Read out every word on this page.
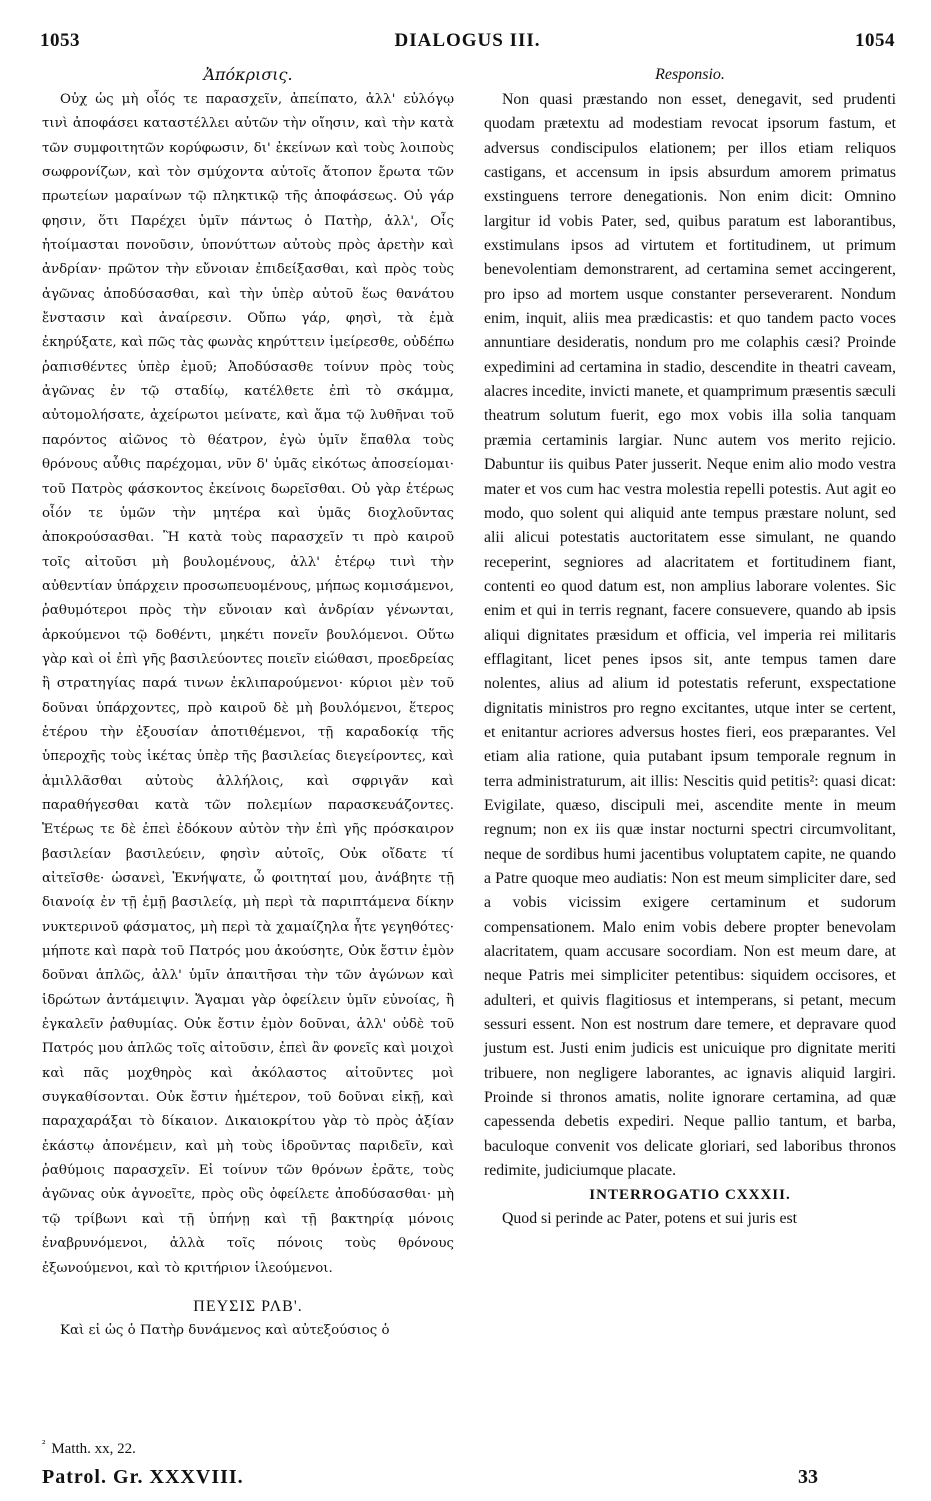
1053	DIALOGUS III.	1054
Ἀπόκρισις.

Οὐχ ὡς μὴ οἷός τε παρασχεῖν, ἀπείπατο, ἀλλ' εὐλόγῳ τινὶ ἀποφάσει καταστέλλει αὐτῶν τὴν οἴησιν, καὶ τὴν κατὰ τῶν συμφοιτητῶν κορύφωσιν, δι' ἐκείνων καὶ τοὺς λοιποὺς σωφρονίζων, καὶ τὸν σμύχοντα αὐτοῖς ἄτοπον ἔρωτα τῶν πρωτείων μαραίνων τῷ πληκτικῷ τῆς ἀποφάσεως. Οὐ γάρ φησιν, ὅτι Παρέχει ὑμῖν πάντως ὁ Πατὴρ, ἀλλ', Οἷς ἡτοίμασται πονοῦσιν, ὑπονύττων αὐτοὺς πρὸς ἀρετὴν καὶ ἀνδρίαν· πρῶτον τὴν εὔνοιαν ἐπιδείξασθαι, καὶ πρὸς τοὺς ἀγῶνας ἀποδύσασθαι, καὶ τὴν ὑπὲρ αὐτοῦ ἕως θανάτου ἔνστασιν καὶ ἀναίρεσιν. Οὔπω γάρ, φησὶ, τὰ ἐμὰ ἐκηρύξατε, καὶ πῶς τὰς φωνὰς κηρύττειν ἱμείρεσθε, οὐδέπω ῥαπισθέντες ὑπὲρ ἐμοῦ; Ἀποδύσασθε τοίνυν πρὸς τοὺς ἀγῶνας ἐν τῷ σταδίῳ, κατέλθετε ἐπὶ τὸ σκάμμα, αὐτομολήσατε, ἀχείρωτοι μείνατε, καὶ ἅμα τῷ λυθῆναι τοῦ παρόντος αἰῶνος τὸ θέατρον, ἐγὼ ὑμῖν ἔπαθλα τοὺς θρόνους αὖθις παρέχομαι, νῦν δ' ὑμᾶς εἰκότως ἀποσείομαι· τοῦ Πατρὸς φάσκοντος ἐκείνοις δωρεῖσθαι. Οὐ γὰρ ἑτέρως οἷόν τε ὑμῶν τὴν μητέρα καὶ ὑμᾶς διοχλοῦντας ἀποκρούσασθαι. Ἢ κατὰ τοὺς παρασχεῖν τι πρὸ καιροῦ τοῖς αἰτοῦσι μὴ βουλομένους, ἀλλ' ἑτέρῳ τινὶ τὴν αὐθεντίαν ὑπάρχειν προσωπευομένους, μήπως κομισάμενοι, ῥαθυμότεροι πρὸς τὴν εὔνοιαν καὶ ἀνδρίαν γένωνται, ἀρκούμενοι τῷ δοθέντι, μηκέτι πονεῖν βουλόμενοι. Οὕτω γὰρ καὶ οἱ ἐπὶ γῆς βασιλεύοντες ποιεῖν εἰώθασι, προεδρείας ἢ στρατηγίας παρά τινων ἐκλιπαρούμενοι· κύριοι μὲν τοῦ δοῦναι ὑπάρχοντες, πρὸ καιροῦ δὲ μὴ βουλόμενοι, ἕτερος ἑτέρου τὴν ἐξουσίαν ἀποτιθέμενοι, τῇ καραδοκίᾳ τῆς ὑπεροχῆς τοὺς ἱκέτας ὑπὲρ τῆς βασιλείας διεγείροντες, καὶ ἁμιλλᾶσθαι αὐτοὺς ἀλλήλοις, καὶ σφριγᾶν καὶ παραθήγεσθαι κατὰ τῶν πολεμίων παρασκευάζοντες. Ἑτέρως τε δὲ ἐπεὶ ἐδόκουν αὐτὸν τὴν ἐπὶ γῆς πρόσκαιρον βασιλείαν βασιλεύειν, φησὶν αὐτοῖς, Οὐκ οἴδατε τί αἰτεῖσθε· ὡσανεὶ, Ἐκνήψατε, ὦ φοιτηταί μου, ἀνάβητε τῇ διανοίᾳ ἐν τῇ ἐμῇ βασιλείᾳ, μὴ περὶ τὰ παριπτάμενα δίκην νυκτερινοῦ φάσματος, μὴ περὶ τὰ χαμαίζηλα ἦτε γεγηθότες· μήποτε καὶ παρὰ τοῦ Πατρός μου ἀκούσητε, Οὐκ ἔστιν ἐμὸν δοῦναι ἁπλῶς, ἀλλ' ὑμῖν ἀπαιτῆσαι τὴν τῶν ἀγώνων καὶ ἱδρώτων ἀντάμειψιν. Ἄγαμαι γὰρ ὀφείλειν ὑμῖν εὐνοίας, ἢ ἐγκαλεῖν ῥαθυμίας. Οὐκ ἔστιν ἐμὸν δοῦναι, ἀλλ' οὐδὲ τοῦ Πατρός μου ἁπλῶς τοῖς αἰτοῦσιν, ἐπεὶ ἂν φονεῖς καὶ μοιχοὶ καὶ πᾶς μοχθηρὸς καὶ ἀκόλαστος αἰτοῦντες μοὶ συγκαθίσονται. Οὐκ ἔστιν ἡμέτερον, τοῦ δοῦναι εἰκῇ, καὶ παραχαράξαι τὸ δίκαιον. Δικαιοκρίτου γὰρ τὸ πρὸς ἀξίαν ἑκάστῳ ἀπονέμειν, καὶ μὴ τοὺς ἱδροῦντας παριδεῖν, καὶ ῥαθύμοις παρασχεῖν. Εἰ τοίνυν τῶν θρόνων ἐρᾶτε, τοὺς ἀγῶνας οὐκ ἀγνοεῖτε, πρὸς οὓς ὀφείλετε ἀποδύσασθαι· μὴ τῷ τρίβωνι καὶ τῇ ὑπήνῃ καὶ τῇ βακτηρίᾳ μόνοις ἐναβρυνόμενοι, ἀλλὰ τοῖς πόνοις τοὺς θρόνους ἐξωνούμενοι, καὶ τὸ κριτήριον ἱλεούμενοι.

ΠΕΥΣΙΣ ΡΛΒ'.
Καὶ εἰ ὡς ὁ Πατὴρ δυνάμενος καὶ αὐτεξούσιος ὁ
Responsio.

Non quasi præstando non esset, denegavit, sed prudenti quodam prætextu ad modestiam revocat ipsorum fastum, et adversus condiscipulos elationem; per illos etiam reliquos castigans, et accensum in ipsis absurdum amorem primatus exstinguens terrore denegationis. Non enim dicit: Omnino largitur id vobis Pater, sed, quibus paratum est laborantibus, exstimulans ipsos ad virtutem et fortitudinem, ut primum benevolentiam demonstrarent, ad certamina semet accingerent, pro ipso ad mortem usque constanter perseverarent. Nondum enim, inquit, aliis mea prædicastis: et quo tandem pacto voces annuntiare desideratis, nondum pro me colaphis cæsi? Proinde expedimini ad certamina in stadio, descendite in theatri caveam, alacres incedite, invicti manete, et quamprimum præsentis sæculi theatrum solutum fuerit, ego mox vobis illa solia tanquam præmia certaminis largiar. Nunc autem vos merito rejicio. Dabuntur iis quibus Pater jusserit. Neque enim alio modo vestra mater et vos cum hac vestra molestia repelli potestis. Aut agit eo modo, quo solent qui aliquid ante tempus præstare nolunt, sed alii alicui potestatis auctoritatem esse simulant, ne quando receperint, segniores ad alacritatem et fortitudinem fiant, contenti eo quod datum est, non amplius laborare volentes. Sic enim et qui in terris regnant, facere consuevere, quando ab ipsis aliqui dignitates præsidum et officia, vel imperia rei militaris efflagitant, licet penes ipsos sit, ante tempus tamen dare nolentes, alius ad alium id potestatis referunt, exspectatione dignitatis ministros pro regno excitantes, utque inter se certent, et enitantur acriores adversus hostes fieri, eos præparantes. Vel etiam alia ratione, quia putabant ipsum temporale regnum in terra administraturum, ait illis: Nescitis quid petitis²: quasi dicat: Evigilate, quæso, discipuli mei, ascendite mente in meum regnum; non ex iis quæ instar nocturni spectri circumvolitant, neque de sordibus humi jacentibus voluptatem capite, ne quando a Patre quoque meo audiatis: Non est meum simpliciter dare, sed a vobis vicissim exigere certaminum et sudorum compensationem. Malo enim vobis debere propter benevolam alacritatem, quam accusare socordiam. Non est meum dare, at neque Patris mei simpliciter petentibus: siquidem occisores, et adulteri, et quivis flagitiosus et intemperans, si petant, mecum sessuri essent. Non est nostrum dare temere, et depravare quod justum est. Justi enim judicis est unicuique pro dignitate meriti tribuere, non negligere laborantes, ac ignavis aliquid largiri. Proinde si thronos amatis, nolite ignorare certamina, ad quæ capessenda debetis expediri. Neque pallio tantum, et barba, baculoque convenit vos delicate gloriari, sed laboribus thronos redimite, judiciumque placate.

INTERROGATIO CXXXII.
Quod si perinde ac Pater, potens et sui juris est
$^{^2}$ Matth. xx, 22.
Patrol. Gr. XXXVIII.	33
